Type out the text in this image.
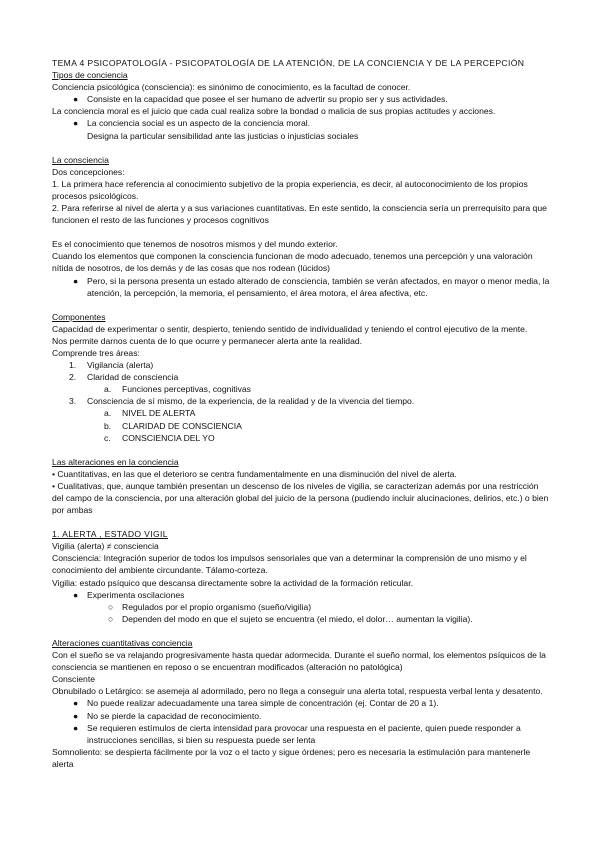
TEMA 4 PSICOPATOLOGÍA - PSICOPATOLOGÍA DE LA ATENCIÓN, DE LA CONCIENCIA Y DE LA PERCEPCIÓN
Tipos de conciencia
Conciencia psicológica (consciencia): es sinónimo de conocimiento, es la facultad de conocer.
●	Consiste en la capacidad que posee el ser humano de advertir su propio ser y sus actividades.
La conciencia moral es el juicio que cada cual realiza sobre la bondad o malicia de sus propias actitudes y acciones.
●	La conciencia social es un aspecto de la conciencia moral.
Designa la particular sensibilidad ante las justicias o injusticias sociales
La consciencia
Dos concepciones:
1. La primera hace referencia al conocimiento subjetivo de la propia experiencia, es decir, al autoconocimiento de los propios procesos psicológicos.
2. Para referirse al nivel de alerta y a sus variaciones cuantitativas. En este sentido, la consciencia sería un prerrequisito para que funcionen el resto de las funciones y procesos cognitivos
Es el conocimiento que tenemos de nosotros mismos y del mundo exterior.
Cuando los elementos que componen la consciencia funcionan de modo adecuado, tenemos una percepción y una valoración nítida de nosotros, de los demás y de las cosas que nos rodean (lúcidos)
●	Pero, si la persona presenta un estado alterado de consciencia, también se verán afectados, en mayor o menor media, la atención, la percepción, la memoria, el pensamiento, el área motora, el área afectiva, etc.
Componentes
Capacidad de experimentar o sentir, despierto, teniendo sentido de individualidad y teniendo el control ejecutivo de la mente.
Nos permite darnos cuenta de lo que ocurre y permanecer alerta ante la realidad.
Comprende tres áreas:
1.	Vigilancia (alerta)
2.	Claridad de consciencia
a.	Funciones perceptivas, cognitivas
3.	Consciencia de sí mismo, de la experiencia, de la realidad y de la vivencia del tiempo.
a.	NIVEL DE ALERTA
b.	CLARIDAD DE CONSCIENCIA
c.	CONSCIENCIA DEL YO
Las alteraciones en la conciencia
• Cuantitativas, en las que el deterioro se centra fundamentalmente en una disminución del nivel de alerta.
• Cualitativas, que, aunque también presentan un descenso de los niveles de vigilia, se caracterizan además por una restricción del campo de la consciencia, por una alteración global del juicio de la persona (pudiendo incluir alucinaciones, delirios, etc.) o bien por ambas
1. ALERTA , ESTADO VIGIL
Vigilia (alerta) ≠ consciencia
Consciencia: Integración superior de todos los impulsos sensoriales que van a determinar la comprensión de uno mismo y el conocimiento del ambiente circundante. Tálamo-corteza.
Vigilia: estado psíquico que descansa directamente sobre la actividad de la formación reticular.
●	Experimenta oscilaciones
○	Regulados por el propio organismo (sueño/vigilia)
○	Dependen del modo en que el sujeto se encuentra (el miedo, el dolor… aumentan la vigilia).
Alteraciones cuantitativas conciencia
Con el sueño se va relajando progresivamente hasta quedar adormecida. Durante el sueño normal, los elementos psíquicos de la consciencia se mantienen en reposo o se encuentran modificados (alteración no patológica)
Consciente
Obnubilado o Letárgico: se asemeja al adormilado, pero no llega a conseguir una alerta total, respuesta verbal lenta y desatento.
●	No puede realizar adecuadamente una tarea simple de concentración (ej. Contar de 20 a 1).
●	No se pierde la capacidad de reconocimiento.
●	Se requieren estímulos de cierta intensidad para provocar una respuesta en el paciente, quien puede responder a instrucciones sencillas, si bien su respuesta puede ser lenta
Somnoliento: se despierta fácilmente por la voz o el tacto y sigue órdenes; pero es necesaria la estimulación para mantenerle alerta
